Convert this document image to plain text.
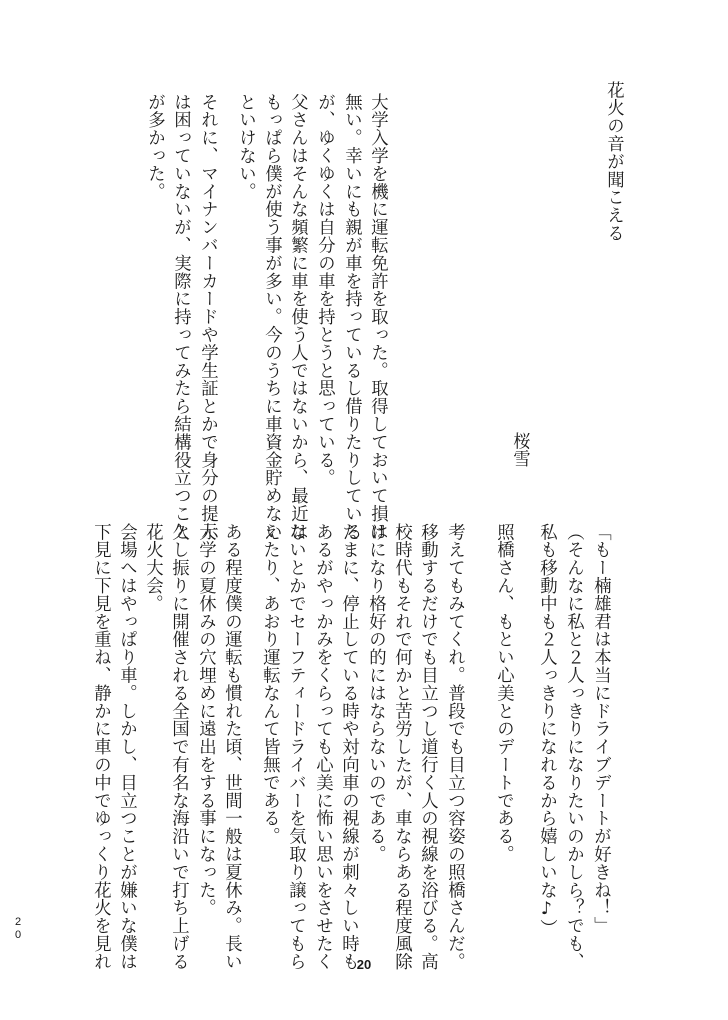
花火の音が聞こえる
大学入学を機に運転免許を取った。取得しておいて損は
無い。幸いにも親が車を持っているし借りたりしている
が、ゆくゆくは自分の車を持とうと思っている。
父さんはそんな頻繁に車を使う人ではないから、最近は
もっぱら僕が使う事が多い。今のうちに車資金貯めない
といけない。
それに、マイナンバーカードや学生証とかで身分の提示
は困っていないが、実際に持ってみたら結構役立つこと
が多かった。
桜雪
「もー楠雄君は本当にドライブデートが好きね！」
（そんなに私と２人っきりになりたいのかしら？でも、
私も移動中も２人っきりになれるから嬉しいな♪）
照橋さん、もとい心美とのデートである。
考えてもみてくれ。普段でも目立つ容姿の照橋さんだ。
移動するだけでも目立つし道行く人の視線を浴びる。高
校時代もそれで何かと苦労したが、車ならある程度風除
けになり格好の的にはならないのである。
たまに、停止している時や対向車の視線が刺々しい時も
あるがやっかみをくらっても心美に怖い思いをさせたく
ないとかでセーフティードライバーを気取り譲ってもら
えたり、あおり運転なんて皆無である。
ある程度僕の運転も慣れた頃、世間一般は夏休み。長い
大学の夏休みの穴埋めに遠出をする事になった。
久し振りに開催される全国で有名な海沿いで打ち上げる
花火大会。
会場へはやっぱり車。しかし、目立つことが嫌いな僕は
下見に下見を重ね、静かに車の中でゆっくり花火を見れ
20
20
